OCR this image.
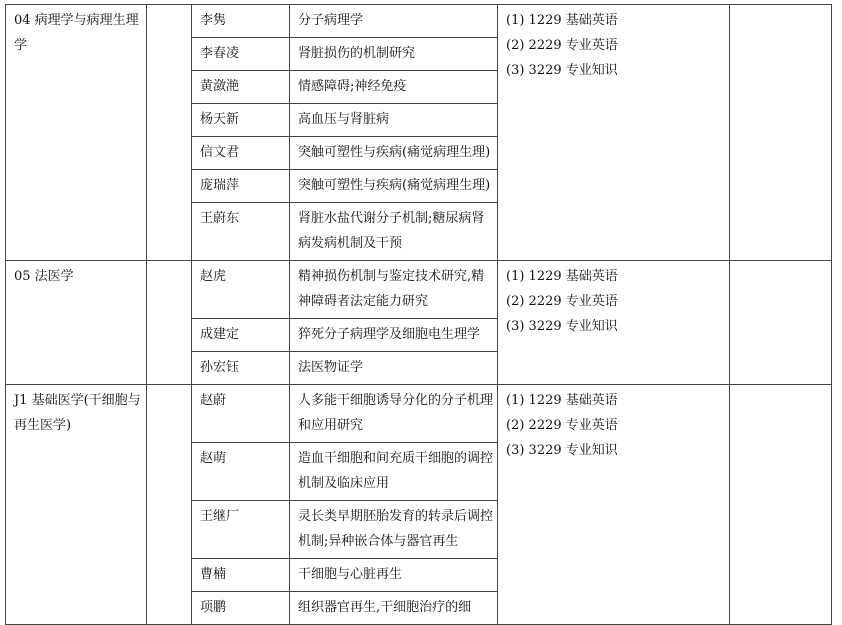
04 病理学与病理生理学		李隽	分子病理学	(1) 1229 基础英语
(2) 2229 专业英语
(3) 3229 专业知识	

		李春凌	肾脏损伤的机制研究		
		黄潋滟	情感障碍;神经免疫		
		杨天新	高血压与肾脏病		
		信文君	突触可塑性与疾病(痛觉病理生理)		
		庞瑞萍	突触可塑性与疾病(痛觉病理生理)		
		王蔚东	肾脏水盐代谢分子机制;糖尿病肾病发病机制及干预		

05 法医学		赵虎	精神损伤机制与鉴定技术研究,精神障碍者法定能力研究	(1) 1229 基础英语
(2) 2229 专业英语
(3) 3229 专业知识	

		成建定	猝死分子病理学及细胞电生理学		
		孙宏钰	法医物证学		

J1 基础医学(干细胞与再生医学)		赵蔚	人多能干细胞诱导分化的分子机理和应用研究	(1) 1229 基础英语
(2) 2229 专业英语
(3) 3229 专业知识	

		赵萌	造血干细胞和间充质干细胞的调控机制及临床应用		
		王继厂	灵长类早期胚胎发育的转录后调控机制;异种嵌合体与器官再生		
		曹楠	干细胞与心脏再生		
		项鹏	组织器官再生,干细胞治疗的细		
